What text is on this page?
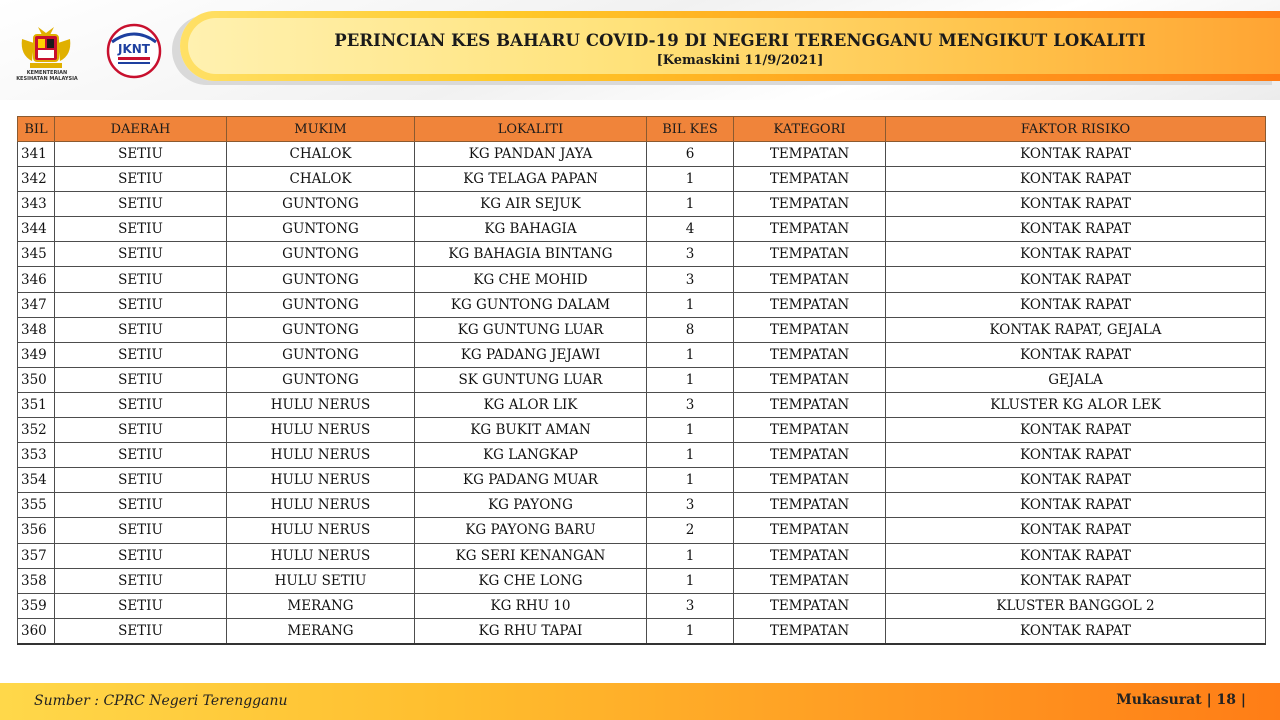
KEMENTERIAN KESIHATAN MALAYSIA
JKNT	PERINCIAN KES BAHARU COVID-19 DI NEGERI TERENGGANU MENGIKUT LOKALITI
[Kemaskini 11/9/2021]
BIL	DAERAH	MUKIM	LOKALITI	BIL KES	KATEGORI	FAKTOR RISIKO
341	SETIU	CHALOK	KG PANDAN JAYA	6	TEMPATAN	KONTAK RAPAT
342	SETIU	CHALOK	KG TELAGA PAPAN	1	TEMPATAN	KONTAK RAPAT
343	SETIU	GUNTONG	KG AIR SEJUK	1	TEMPATAN	KONTAK RAPAT
344	SETIU	GUNTONG	KG BAHAGIA	4	TEMPATAN	KONTAK RAPAT
345	SETIU	GUNTONG	KG BAHAGIA BINTANG	3	TEMPATAN	KONTAK RAPAT
346	SETIU	GUNTONG	KG CHE MOHID	3	TEMPATAN	KONTAK RAPAT
347	SETIU	GUNTONG	KG GUNTONG DALAM	1	TEMPATAN	KONTAK RAPAT
348	SETIU	GUNTONG	KG GUNTUNG LUAR	8	TEMPATAN	KONTAK RAPAT, GEJALA
349	SETIU	GUNTONG	KG PADANG JEJAWI	1	TEMPATAN	KONTAK RAPAT
350	SETIU	GUNTONG	SK GUNTUNG LUAR	1	TEMPATAN	GEJALA
351	SETIU	HULU NERUS	KG ALOR LIK	3	TEMPATAN	KLUSTER KG ALOR LEK
352	SETIU	HULU NERUS	KG BUKIT AMAN	1	TEMPATAN	KONTAK RAPAT
353	SETIU	HULU NERUS	KG LANGKAP	1	TEMPATAN	KONTAK RAPAT
354	SETIU	HULU NERUS	KG PADANG MUAR	1	TEMPATAN	KONTAK RAPAT
355	SETIU	HULU NERUS	KG PAYONG	3	TEMPATAN	KONTAK RAPAT
356	SETIU	HULU NERUS	KG PAYONG BARU	2	TEMPATAN	KONTAK RAPAT
357	SETIU	HULU NERUS	KG SERI KENANGAN	1	TEMPATAN	KONTAK RAPAT
358	SETIU	HULU SETIU	KG CHE LONG	1	TEMPATAN	KONTAK RAPAT
359	SETIU	MERANG	KG RHU 10	3	TEMPATAN	KLUSTER BANGGOL 2
360	SETIU	MERANG	KG RHU TAPAI	1	TEMPATAN	KONTAK RAPAT
Sumber : CPRC Negeri Terengganu	Mukasurat | 18 |
